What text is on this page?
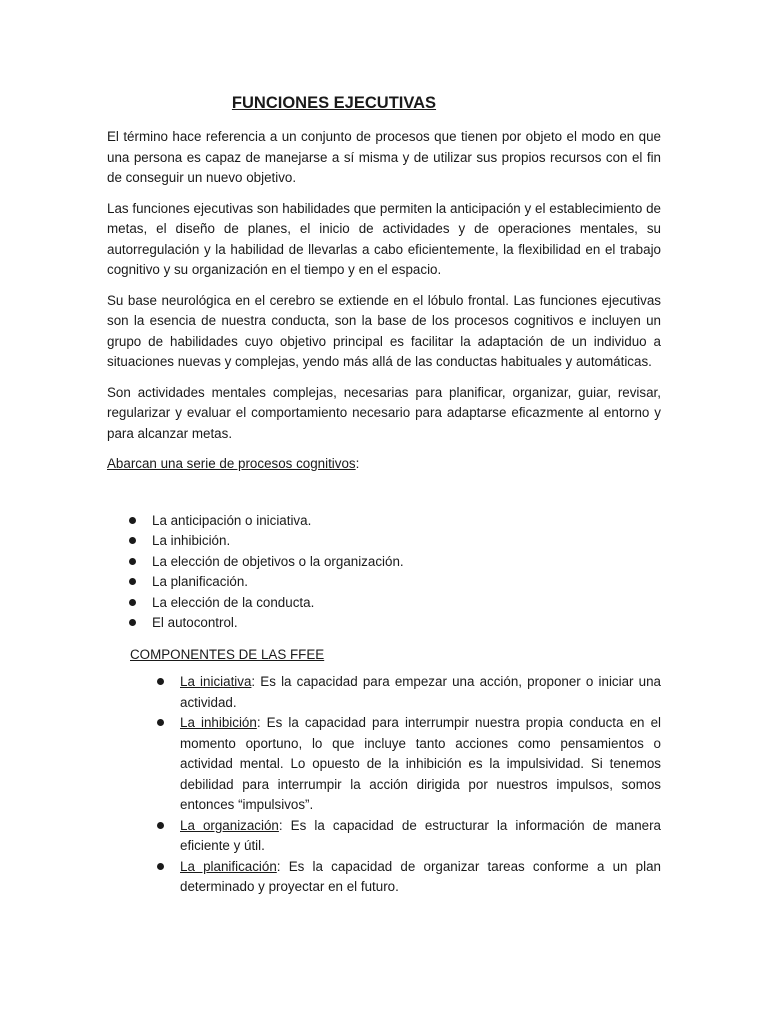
FUNCIONES EJECUTIVAS

El término hace referencia a un conjunto de procesos que tienen por objeto el modo en que una persona es capaz de manejarse a sí misma y de utilizar sus propios recursos con el fin de conseguir un nuevo objetivo.

Las funciones ejecutivas son habilidades que permiten la anticipación y el establecimiento de metas, el diseño de planes, el inicio de actividades y de operaciones mentales, su autorregulación y la habilidad de llevarlas a cabo eficientemente, la flexibilidad en el trabajo cognitivo y su organización en el tiempo y en el espacio.

Su base neurológica en el cerebro se extiende en el lóbulo frontal. Las funciones ejecutivas son la esencia de nuestra conducta, son la base de los procesos cognitivos e incluyen un grupo de habilidades cuyo objetivo principal es facilitar la adaptación de un individuo a situaciones nuevas y complejas, yendo más allá de las conductas habituales y automáticas.

Son actividades mentales complejas, necesarias para planificar, organizar, guiar, revisar, regularizar y evaluar el comportamiento necesario para adaptarse eficazmente al entorno y para alcanzar metas.

Abarcan una serie de procesos cognitivos:
La anticipación o iniciativa.
La inhibición.
La elección de objetivos o la organización.
La planificación.
La elección de la conducta.
El autocontrol.
COMPONENTES DE LAS FFEE
La iniciativa: Es la capacidad para empezar una acción, proponer o iniciar una actividad.
La inhibición: Es la capacidad para interrumpir nuestra propia conducta en el momento oportuno, lo que incluye tanto acciones como pensamientos o actividad mental. Lo opuesto de la inhibición es la impulsividad. Si tenemos debilidad para interrumpir la acción dirigida por nuestros impulsos, somos entonces “impulsivos”.
La organización: Es la capacidad de estructurar la información de manera eficiente y útil.
La planificación: Es la capacidad de organizar tareas conforme a un plan determinado y proyectar en el futuro.
